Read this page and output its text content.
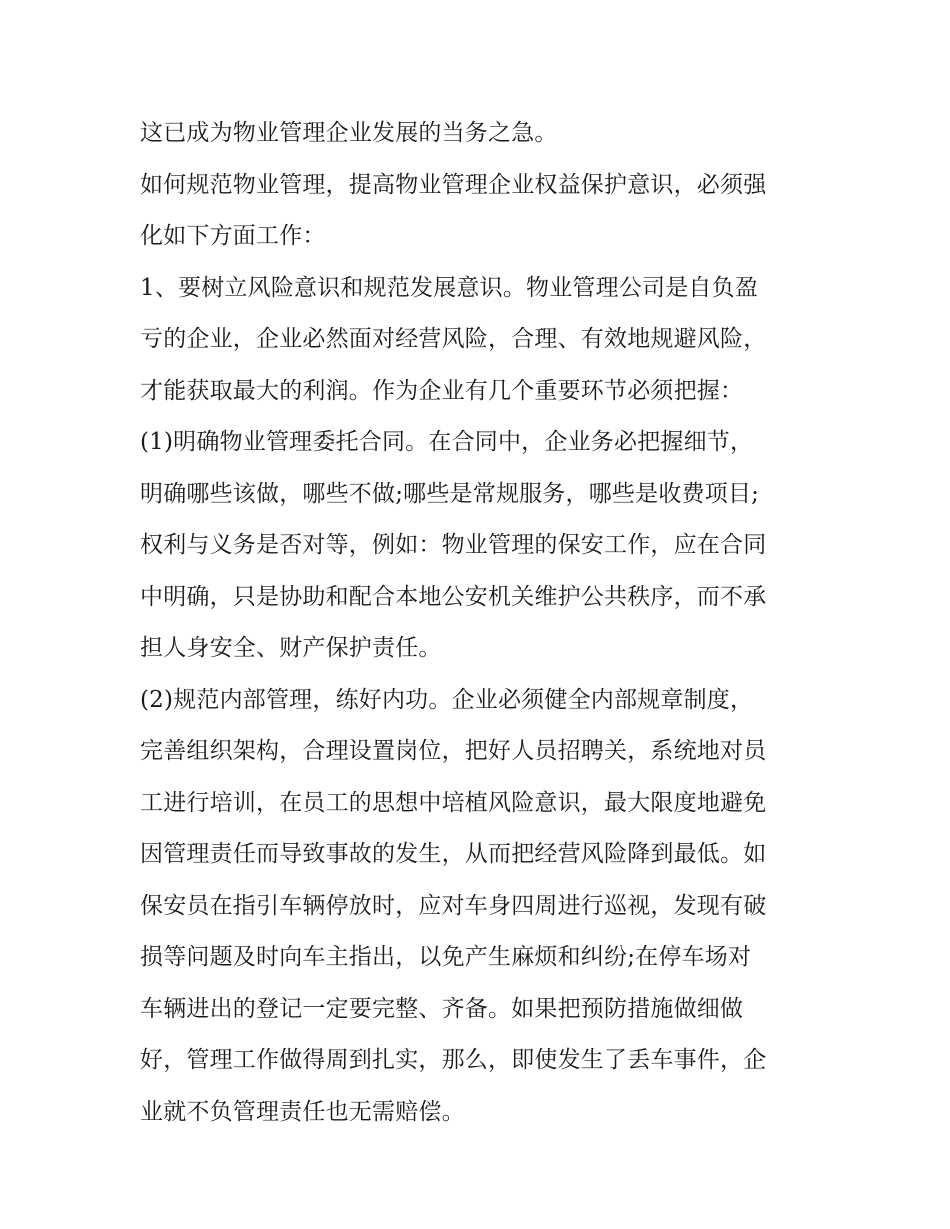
这已成为物业管理企业发展的当务之急。
如何规范物业管理，提高物业管理企业权益保护意识，必须强
化如下方面工作：
1、要树立风险意识和规范发展意识。物业管理公司是自负盈
亏的企业，企业必然面对经营风险，合理、有效地规避风险，
才能获取最大的利润。作为企业有几个重要环节必须把握：
(1)明确物业管理委托合同。在合同中，企业务必把握细节，
明确哪些该做，哪些不做;哪些是常规服务，哪些是收费项目;
权利与义务是否对等，例如：物业管理的保安工作，应在合同
中明确，只是协助和配合本地公安机关维护公共秩序，而不承
担人身安全、财产保护责任。
(2)规范内部管理，练好内功。企业必须健全内部规章制度，
完善组织架构，合理设置岗位，把好人员招聘关，系统地对员
工进行培训，在员工的思想中培植风险意识，最大限度地避免
因管理责任而导致事故的发生，从而把经营风险降到最低。如
保安员在指引车辆停放时，应对车身四周进行巡视，发现有破
损等问题及时向车主指出，以免产生麻烦和纠纷;在停车场对
车辆进出的登记一定要完整、齐备。如果把预防措施做细做
好，管理工作做得周到扎实，那么，即使发生了丢车事件，企
业就不负管理责任也无需赔偿。
